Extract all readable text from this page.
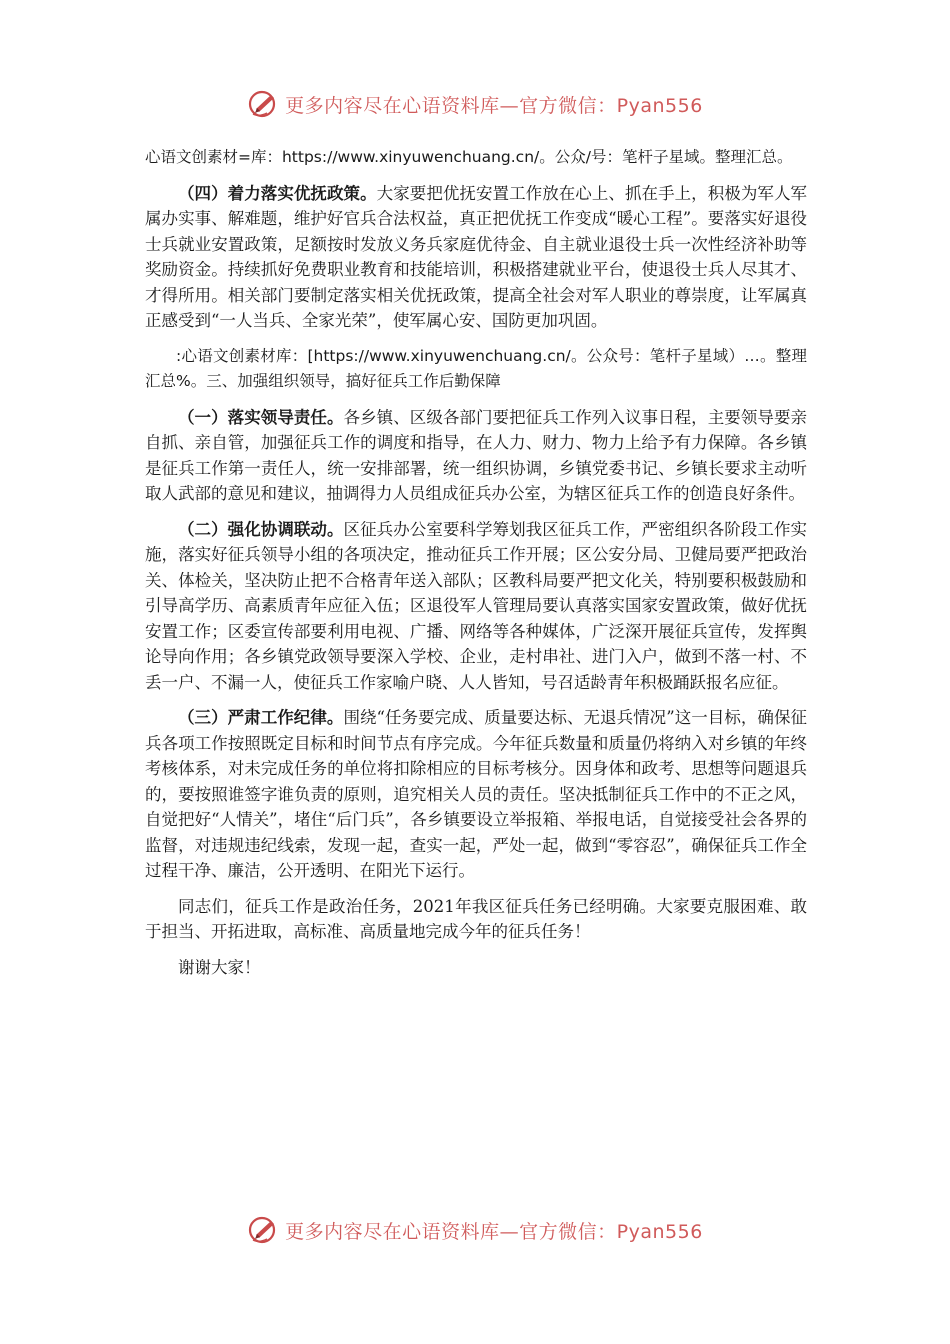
更多内容尽在心语资料库—官方微信：Pyan556

心语文创素材=库：https://www.xinyuwenchuang.cn/。公众/号：笔杆子星域。整理汇总。

（四）着力落实优抚政策。大家要把优抚安置工作放在心上、抓在手上，积极为军人军属办实事、解难题，维护好官兵合法权益，真正把优抚工作变成“暖心工程”。要落实好退役士兵就业安置政策，足额按时发放义务兵家庭优待金、自主就业退役士兵一次性经济补助等奖励资金。持续抓好免费职业教育和技能培训，积极搭建就业平台，使退役士兵人尽其才、才得所用。相关部门要制定落实相关优抚政策，提高全社会对军人职业的尊崇度，让军属真正感受到“一人当兵、全家光荣”，使军属心安、国防更加巩固。

:心语文创素材库：[https://www.xinyuwenchuang.cn/。公众号：笔杆子星域）…。整理汇总%。三、加强组织领导，搞好征兵工作后勤保障

（一）落实领导责任。各乡镇、区级各部门要把征兵工作列入议事日程，主要领导要亲自抓、亲自管，加强征兵工作的调度和指导，在人力、财力、物力上给予有力保障。各乡镇是征兵工作第一责任人，统一安排部署，统一组织协调，乡镇党委书记、乡镇长要求主动听取人武部的意见和建议，抽调得力人员组成征兵办公室，为辖区征兵工作的创造良好条件。

（二）强化协调联动。区征兵办公室要科学筹划我区征兵工作，严密组织各阶段工作实施，落实好征兵领导小组的各项决定，推动征兵工作开展；区公安分局、卫健局要严把政治关、体检关，坚决防止把不合格青年送入部队；区教科局要严把文化关，特别要积极鼓励和引导高学历、高素质青年应征入伍；区退役军人管理局要认真落实国家安置政策，做好优抚安置工作；区委宣传部要利用电视、广播、网络等各种媒体，广泛深开展征兵宣传，发挥舆论导向作用；各乡镇党政领导要深入学校、企业，走村串社、进门入户，做到不落一村、不丢一户、不漏一人，使征兵工作家喻户晓、人人皆知，号召适龄青年积极踊跃报名应征。

（三）严肃工作纪律。围绕“任务要完成、质量要达标、无退兵情况”这一目标，确保征兵各项工作按照既定目标和时间节点有序完成。今年征兵数量和质量仍将纳入对乡镇的年终考核体系，对未完成任务的单位将扣除相应的目标考核分。因身体和政考、思想等问题退兵的，要按照谁签字谁负责的原则，追究相关人员的责任。坚决抵制征兵工作中的不正之风，自觉把好“人情关”，堵住“后门兵”，各乡镇要设立举报箱、举报电话，自觉接受社会各界的监督，对违规违纪线索，发现一起，查实一起，严处一起，做到“零容忍”，确保征兵工作全过程干净、廉洁，公开透明、在阳光下运行。

同志们，征兵工作是政治任务，2021年我区征兵任务已经明确。大家要克服困难、敢于担当、开拓进取，高标准、高质量地完成今年的征兵任务！

谢谢大家！

更多内容尽在心语资料库—官方微信：Pyan556
